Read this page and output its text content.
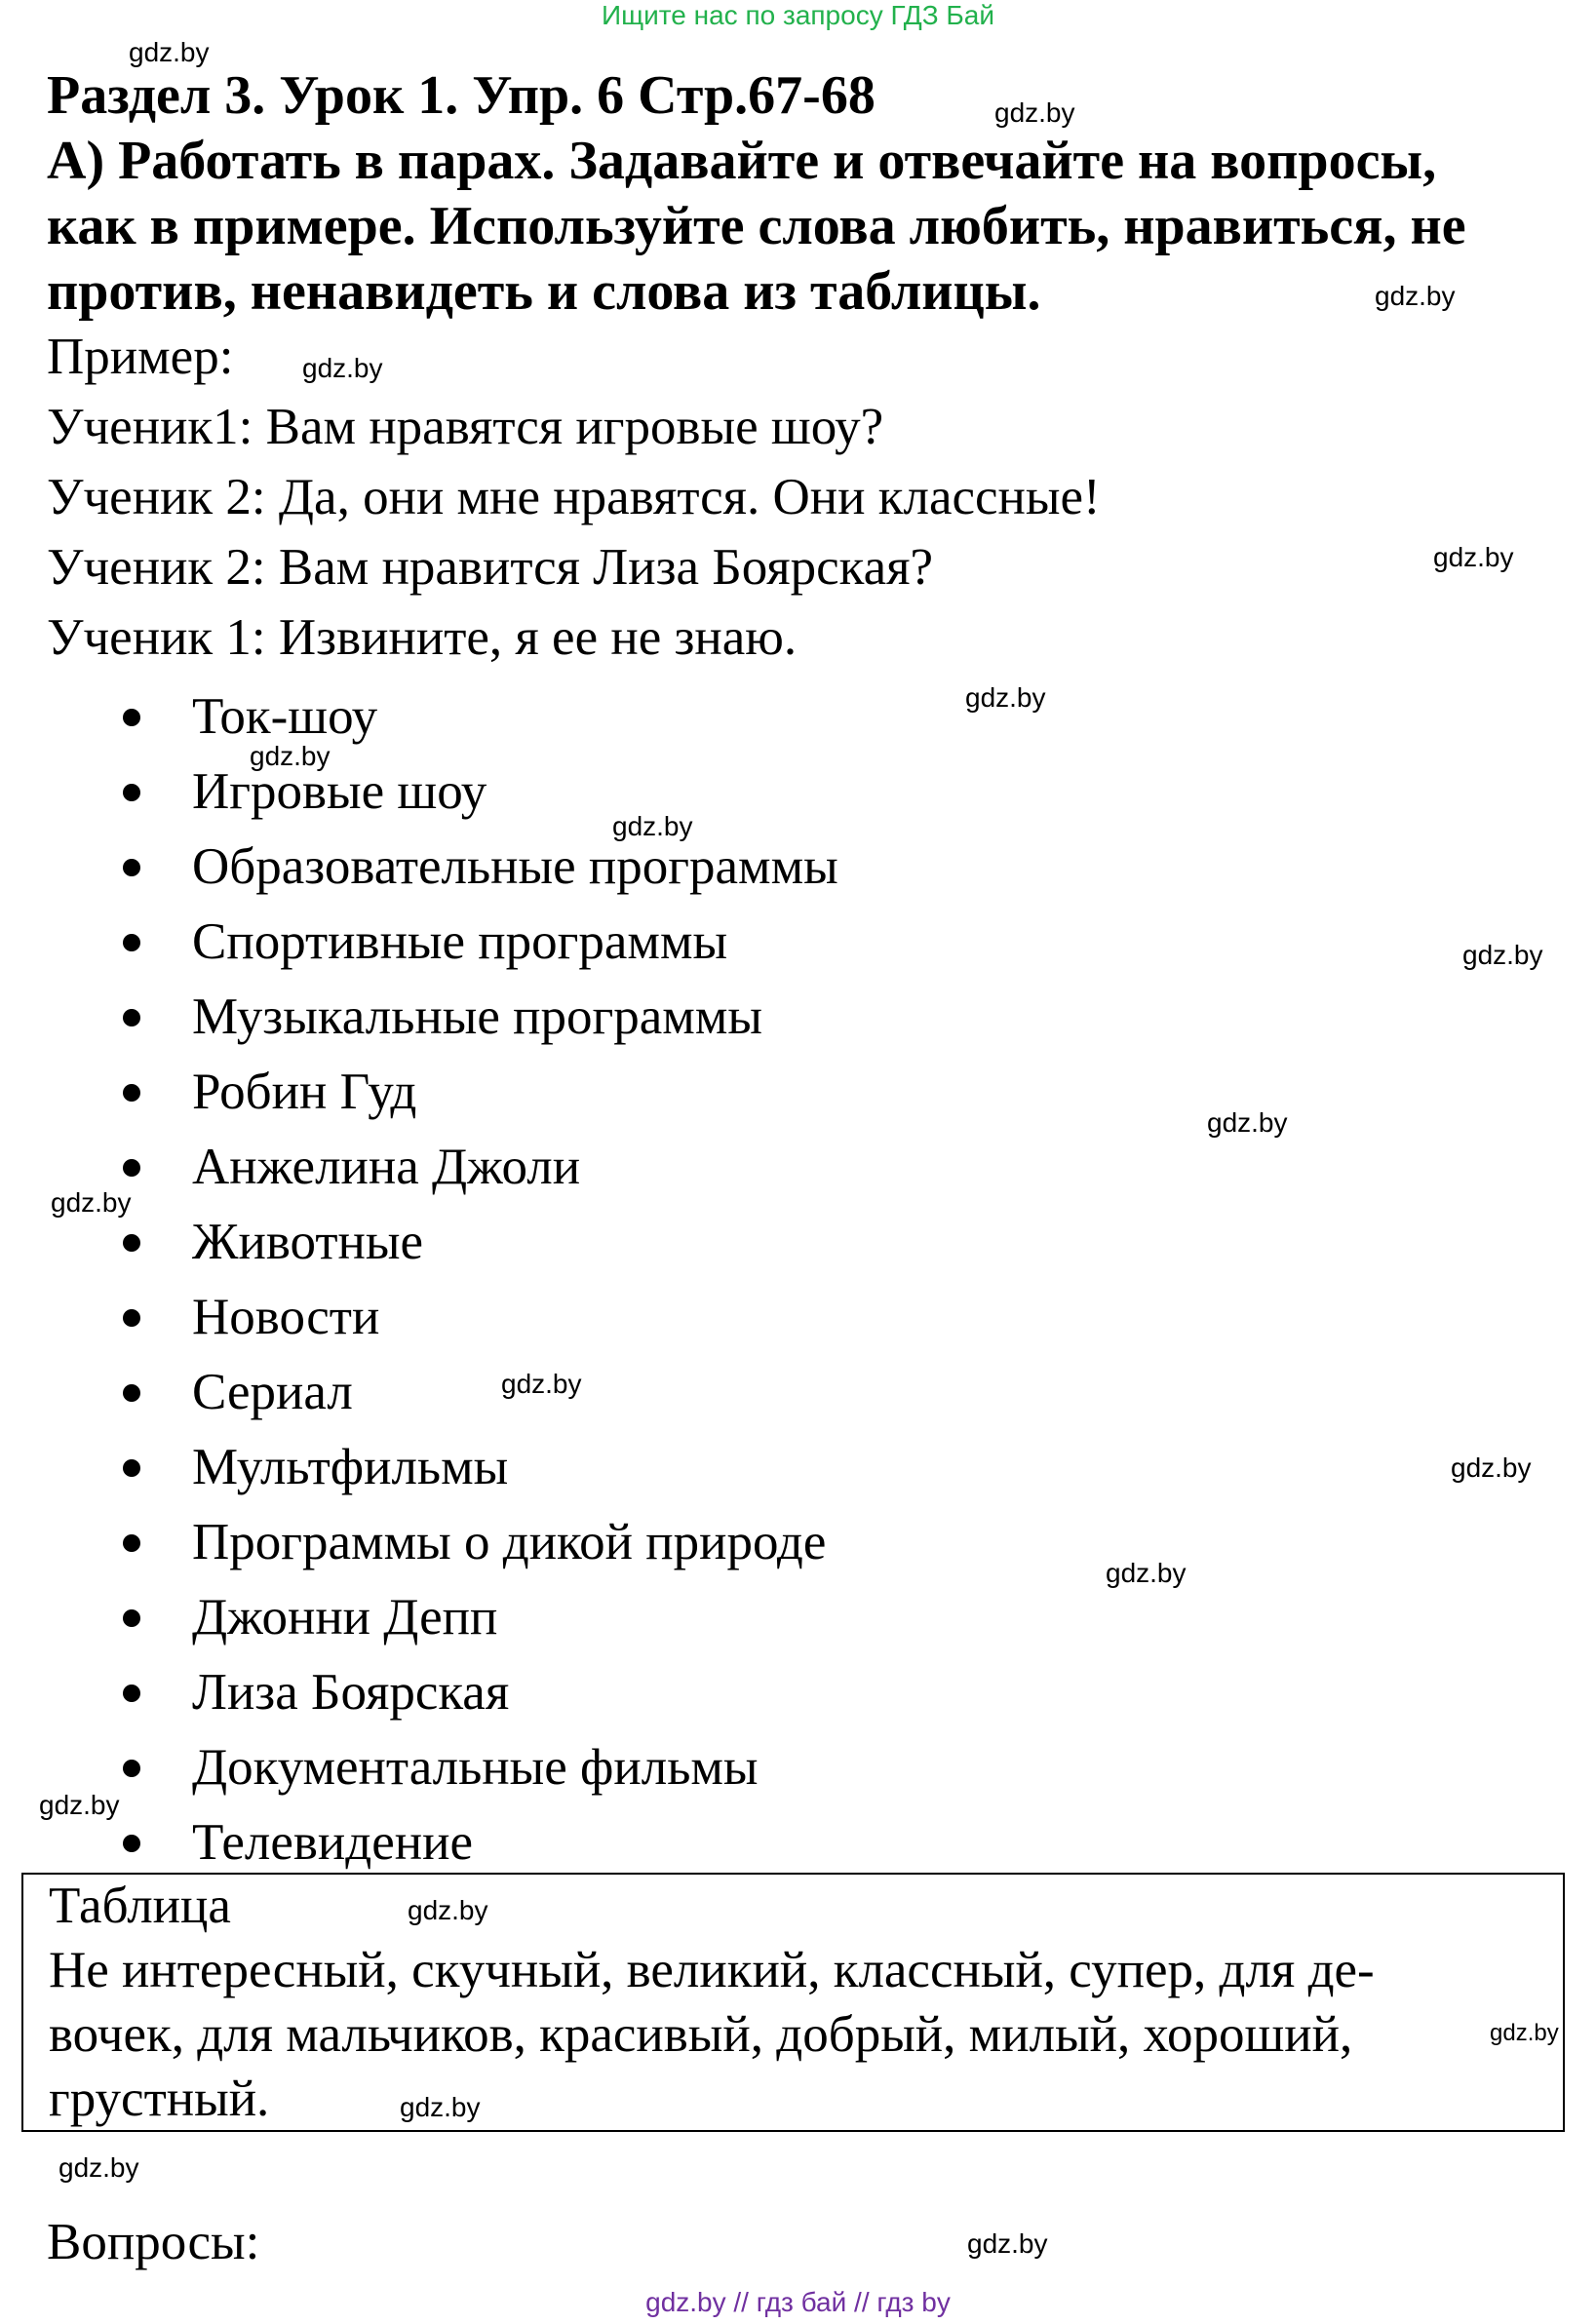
Ищите нас по запросу ГДЗ Бай
Раздел 3. Урок 1. Упр. 6 Стр.67-68
А) Работать в парах. Задавайте и отвечайте на вопросы,
как в примере. Используйте слова любить, нравиться, не
против, ненавидеть и слова из таблицы.
Пример:
Ученик1: Вам нравятся игровые шоу?
Ученик 2: Да, они мне нравятся. Они классные!
Ученик 2: Вам нравится Лиза Боярская?
Ученик 1: Извините, я ее не знаю.
Ток-шоу
Игровые шоу
Образовательные программы
Спортивные программы
Музыкальные программы
Робин Гуд
Анжелина Джоли
Животные
Новости
Сериал
Мультфильмы
Программы о дикой природе
Джонни Депп
Лиза Боярская
Документальные фильмы
Телевидение
Таблица
Не интересный, скучный, великий, классный, супер, для де-
вочек, для мальчиков, красивый, добрый, милый, хороший,
грустный.
Вопросы:
gdz.by
gdz.by
gdz.by
gdz.by
gdz.by
gdz.by
gdz.by
gdz.by
gdz.by
gdz.by
gdz.by
gdz.by
gdz.by
gdz.by
gdz.by
gdz.by
gdz.by
gdz.by
gdz.by
gdz.by
gdz.by // гдз бай // гдз by
